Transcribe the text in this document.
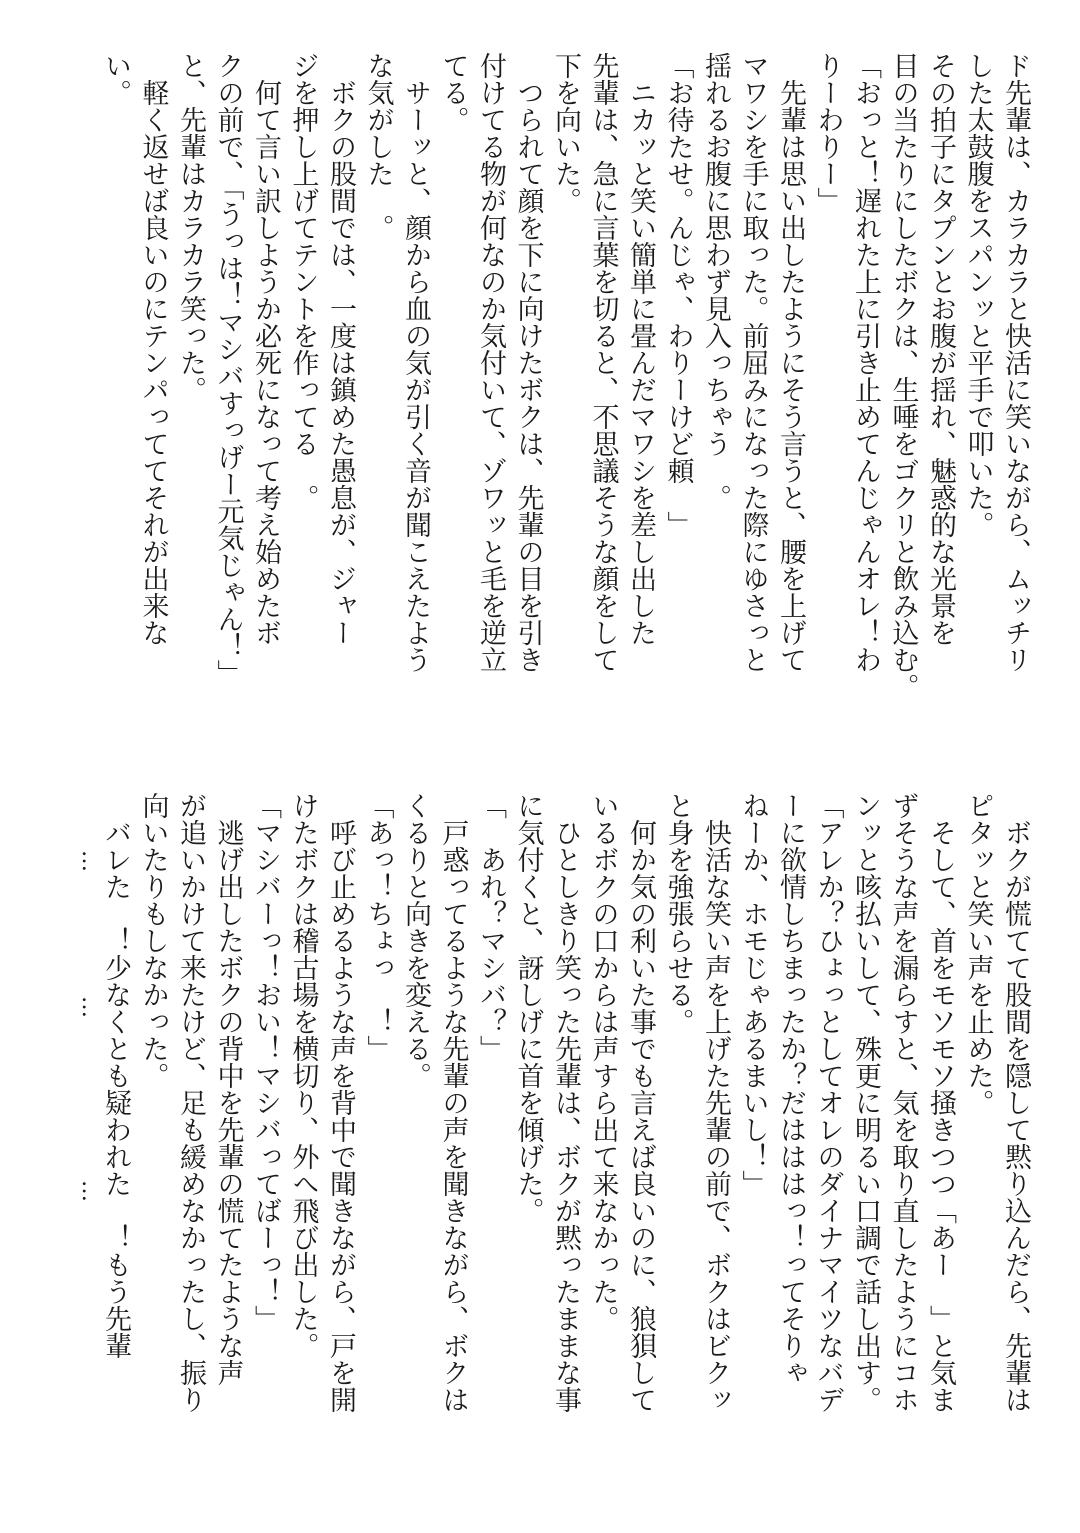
ド先輩は、カラカラと快活に笑いながら、ムッチリ
した太鼓腹をスパンッと平手で叩いた。
その拍子にタプンとお腹が揺れ、魅惑的な光景を
目の当たりにしたボクは、生唾をゴクリと飲み込む。
「おっと！遅れた上に引き止めてんじゃんオレ！わ
りーわりー」
　先輩は思い出したようにそう言うと、腰を上げて
マワシを手に取った。前屈みになった際にゆさっと
揺れるお腹に思わず見入っちゃう　。
「お待たせ。んじゃ、わりーけど頼　」
　ニカッと笑い簡単に畳んだマワシを差し出した
先輩は、急に言葉を切ると、不思議そうな顔をして
下を向いた。
　つられて顔を下に向けたボクは、先輩の目を引き
付けてる物が何なのか気付いて、ゾワッと毛を逆立
てる。
　サーッと、顔から血の気が引く音が聞こえたよう
な気がした　。
　ボクの股間では、一度は鎮めた愚息が、ジャー
ジを押し上げてテントを作ってる　。
　何て言い訳しようか必死になって考え始めたボ
クの前で、「うっは！マシバすっげー元気じゃん！」
と、先輩はカラカラ笑った。
　軽く返せば良いのにテンパっててそれが出来な
い。
　ボクが慌てて股間を隠して黙り込んだら、先輩は
ピタッと笑い声を止めた。
　そして、首をモソモソ掻きつつ「あー　」と気ま
ずそうな声を漏らすと、気を取り直したようにコホ
ンッと咳払いして、殊更に明るい口調で話し出す。
「アレか？ひょっとしてオレのダイナマイツなバデ
ーに欲情しちまったか？だはははっ！ってそりゃ
ねーか、ホモじゃあるまいし！」
　快活な笑い声を上げた先輩の前で、ボクはビクッ
と身を強張らせる。
　何か気の利いた事でも言えば良いのに、狼狽して
いるボクの口からは声すら出て来なかった。
　ひとしきり笑った先輩は、ボクが黙ったままな事
に気付くと、訝しげに首を傾げた。
「　あれ？マシバ？」
　戸惑ってるような先輩の声を聞きながら、ボクは
くるりと向きを変える。
「あっ！ちょっ　！」
　呼び止めるような声を背中で聞きながら、戸を開
けたボクは稽古場を横切り、外へ飛び出した。
「マシバーっ！おい！マシバってばーっ！」
　逃げ出したボクの背中を先輩の慌てたような声
が追いかけて来たけど、足も緩めなかったし、振り
向いたりもしなかった。
　バレた　！少なくとも疑われた　！もう先輩
…
…
…
